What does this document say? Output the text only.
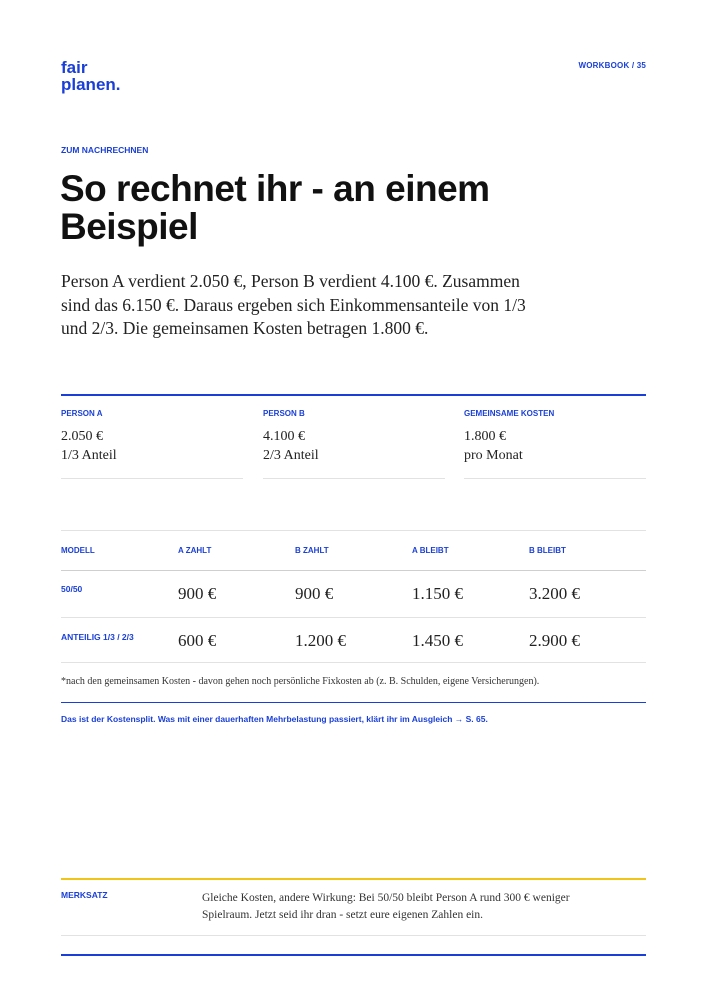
fair
planen.
WORKBOOK / 35
ZUM NACHRECHNEN
So rechnet ihr - an einem Beispiel

Person A verdient 2.050 €, Person B verdient 4.100 €. Zusammen sind das 6.150 €. Daraus ergeben sich Einkommensanteile von 1/3 und 2/3. Die gemeinsamen Kosten betragen 1.800 €.

PERSON A
2.050 €
1/3 Anteil
PERSON B
4.100 €
2/3 Anteil
GEMEINSAME KOSTEN
1.800 €
pro Monat
MODELL	A ZAHLT	B ZAHLT	A BLEIBT	B BLEIBT
50/50	900 €	900 €	1.150 €	3.200 €
ANTEILIG 1/3 / 2/3	600 €	1.200 €	1.450 €	2.900 €

*nach den gemeinsamen Kosten - davon gehen noch persönliche Fixkosten ab (z. B. Schulden, eigene Versicherungen).

Das ist der Kostensplit. Was mit einer dauerhaften Mehrbelastung passiert, klärt ihr im Ausgleich → S. 65.

MERKSATZ	Gleiche Kosten, andere Wirkung: Bei 50/50 bleibt Person A rund 300 € weniger Spielraum. Jetzt seid ihr dran - setzt eure eigenen Zahlen ein.
